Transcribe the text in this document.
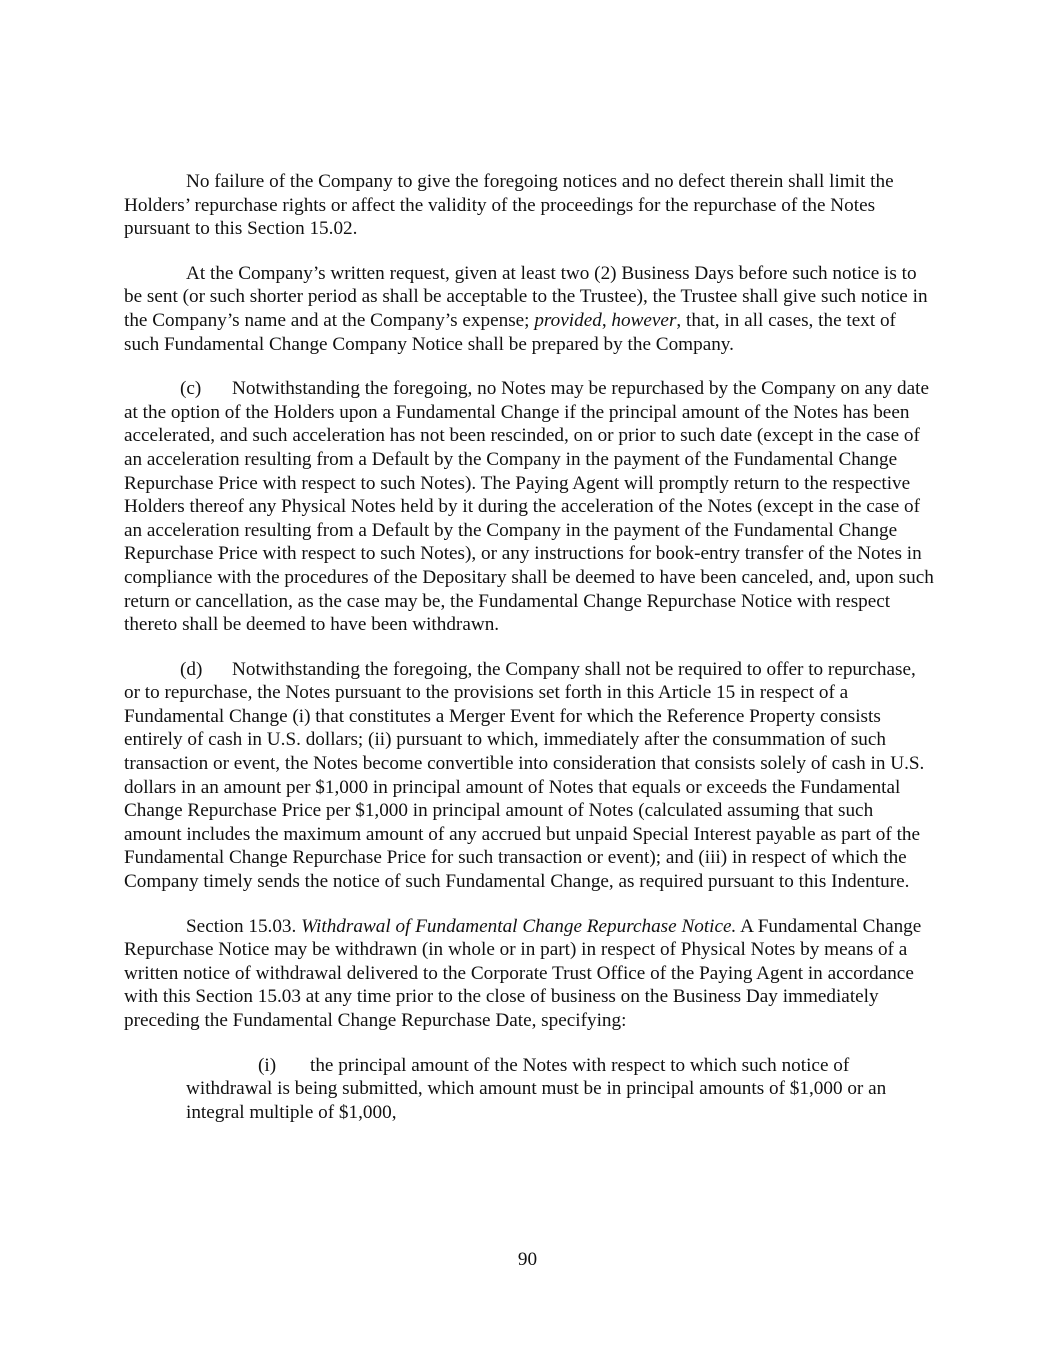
No failure of the Company to give the foregoing notices and no defect therein shall limit the Holders’ repurchase rights or affect the validity of the proceedings for the repurchase of the Notes pursuant to this Section 15.02.

At the Company’s written request, given at least two (2) Business Days before such notice is to be sent (or such shorter period as shall be acceptable to the Trustee), the Trustee shall give such notice in the Company’s name and at the Company’s expense; provided, however, that, in all cases, the text of such Fundamental Change Company Notice shall be prepared by the Company.

(c) Notwithstanding the foregoing, no Notes may be repurchased by the Company on any date at the option of the Holders upon a Fundamental Change if the principal amount of the Notes has been accelerated, and such acceleration has not been rescinded, on or prior to such date (except in the case of an acceleration resulting from a Default by the Company in the payment of the Fundamental Change Repurchase Price with respect to such Notes). The Paying Agent will promptly return to the respective Holders thereof any Physical Notes held by it during the acceleration of the Notes (except in the case of an acceleration resulting from a Default by the Company in the payment of the Fundamental Change Repurchase Price with respect to such Notes), or any instructions for book-entry transfer of the Notes in compliance with the procedures of the Depositary shall be deemed to have been canceled, and, upon such return or cancellation, as the case may be, the Fundamental Change Repurchase Notice with respect thereto shall be deemed to have been withdrawn.

(d) Notwithstanding the foregoing, the Company shall not be required to offer to repurchase, or to repurchase, the Notes pursuant to the provisions set forth in this Article 15 in respect of a Fundamental Change (i) that constitutes a Merger Event for which the Reference Property consists entirely of cash in U.S. dollars; (ii) pursuant to which, immediately after the consummation of such transaction or event, the Notes become convertible into consideration that consists solely of cash in U.S. dollars in an amount per $1,000 in principal amount of Notes that equals or exceeds the Fundamental Change Repurchase Price per $1,000 in principal amount of Notes (calculated assuming that such amount includes the maximum amount of any accrued but unpaid Special Interest payable as part of the Fundamental Change Repurchase Price for such transaction or event); and (iii) in respect of which the Company timely sends the notice of such Fundamental Change, as required pursuant to this Indenture.

Section 15.03. Withdrawal of Fundamental Change Repurchase Notice. A Fundamental Change Repurchase Notice may be withdrawn (in whole or in part) in respect of Physical Notes by means of a written notice of withdrawal delivered to the Corporate Trust Office of the Paying Agent in accordance with this Section 15.03 at any time prior to the close of business on the Business Day immediately preceding the Fundamental Change Repurchase Date, specifying:

(i) the principal amount of the Notes with respect to which such notice of withdrawal is being submitted, which amount must be in principal amounts of $1,000 or an integral multiple of $1,000,

90
